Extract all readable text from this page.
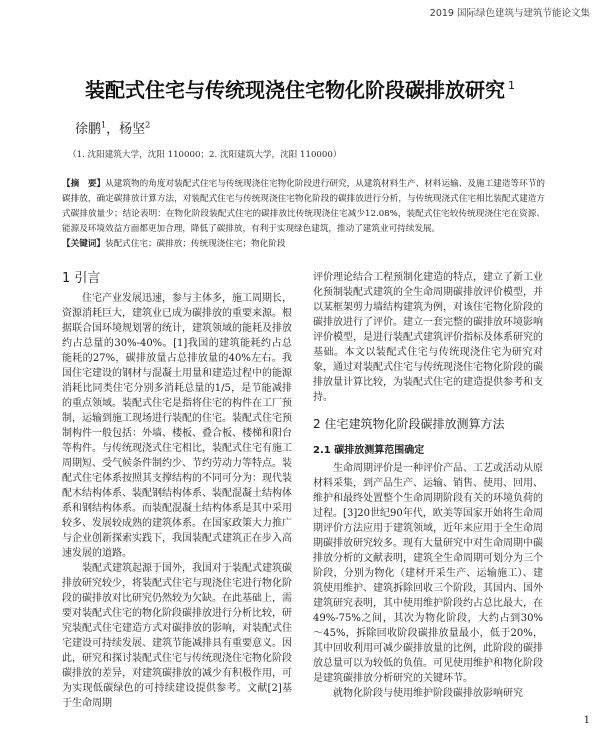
2019 国际绿色建筑与建筑节能论文集
装配式住宅与传统现浇住宅物化阶段碳排放研究 $^1$
徐鹏$^1$，杨坚$^2$
（1. 沈阳建筑大学，沈阳 110000；2. 沈阳建筑大学，沈阳 110000）
【摘　要】从建筑物的角度对装配式住宅与传统现浇住宅物化阶段进行研究，从建筑材料生产、材料运输、及施工建造等环节的碳排放，确定碳排放计算方法，对装配式住宅与传统现浇住宅物化阶段的碳排放进行分析，与传统现浇式住宅相比装配式建造方式碳排放量少；结论表明：在物化阶段装配式住宅的碳排放比传统现浇住宅减少12.08%，装配式住宅较传统现浇住宅在资源、能源及环境效益方面都更加合理，降低了碳排放，有利于实现绿色建筑，推动了建筑业可持续发展。
【关键词】装配式住宅；碳排放；传统现浇住宅；物化阶段
1 引言

住宅产业发展迅速，参与主体多，施工周期长，资源消耗巨大，建筑业已成为碳排放的重要来源。根据联合国环境规划署的统计，建筑领域的能耗及排放约占总量的30%-40%。[1]我国的建筑能耗约占总能耗的27%，碳排放量占总排放量的40%左右。我国住宅建设的钢材与混凝土用量和建造过程中的能源消耗比同类住宅分别多消耗总量的1/5，是节能减排的重点领域。装配式住宅是指将住宅的构件在工厂预制，运输到施工现场进行装配的住宅。装配式住宅预制构件一般包括：外墙、楼板、叠合板、楼梯和阳台等构件。与传统现浇式住宅相比，装配式住宅有施工周期短、受气候条件制约少、节约劳动力等特点。装配式住宅体系按照其支撑结构的不同可分为：现代装配木结构体系、装配钢结构体系、装配混凝土结构体系和钢结构体系。而装配混凝土结构体系是其中采用较多、发展较成熟的建筑体系。在国家政策大力推广与企业创新探索实践下，我国装配式建筑正在步入高速发展的道路。

装配式建筑起源于国外，我国对于装配式建筑碳排放研究较少，将装配式住宅与现浇住宅进行物化阶段的碳排放对比研究仍然较为欠缺。在此基础上，需要对装配式住宅的物化阶段碳排放进行分析比较，研究装配式住宅建造方式对碳排放的影响，对装配式住宅建设可持续发展、建筑节能减排具有重要意义。因此，研究和探讨装配式住宅与传统现浇住宅物化阶段碳排放的差异，对建筑碳排放的减少有积极作用，可为实现低碳绿色的可持续建设提供参考。文献[2]基于生命周期

评价理论结合工程预制化建造的特点，建立了新工业化预制装配式建筑的全生命周期碳排放评价模型，并以某框架剪力墙结构建筑为例，对该住宅物化阶段的碳排放进行了评价。建立一套完整的碳排放环境影响评价模型，是进行装配式建筑评价指标及体系研究的基础。本文以装配式住宅与传统现浇住宅为研究对象，通过对装配式住宅与传统现浇住宅物化阶段的碳排放量计算比较，为装配式住宅的建造提供参考和支持。

2 住宅建筑物化阶段碳排放测算方法
2.1 碳排放测算范围确定

生命周期评价是一种评价产品、工艺或活动从原材料采集，到产品生产、运输、销售、使用、回用、维护和最终处置整个生命周期阶段有关的环境负荷的过程。[3]20世纪90年代，欧美等国家开始将生命周期评价方法应用于建筑领域，近年来应用于全生命周期碳排放研究较多。现有大量研究中对生命周期中碳排放分析的文献表明，建筑全生命周期可划分为三个阶段，分别为物化（建材开采生产、运输施工）、建筑使用维护、建筑拆除回收三个阶段，其国内、国外建筑研究表明，其中使用维护阶段约占总比最大，在49%-75%之间，其次为物化阶段，大约占到30%～45%，拆除回收阶段碳排放量最小，低于20%，其中回收利用可减少碳排放量的比例，此阶段的碳排放总量可以为较低的负值。可见使用维护和物化阶段是建筑碳排放分析研究的关键环节。

就物化阶段与使用维护阶段碳排放影响研究

1
